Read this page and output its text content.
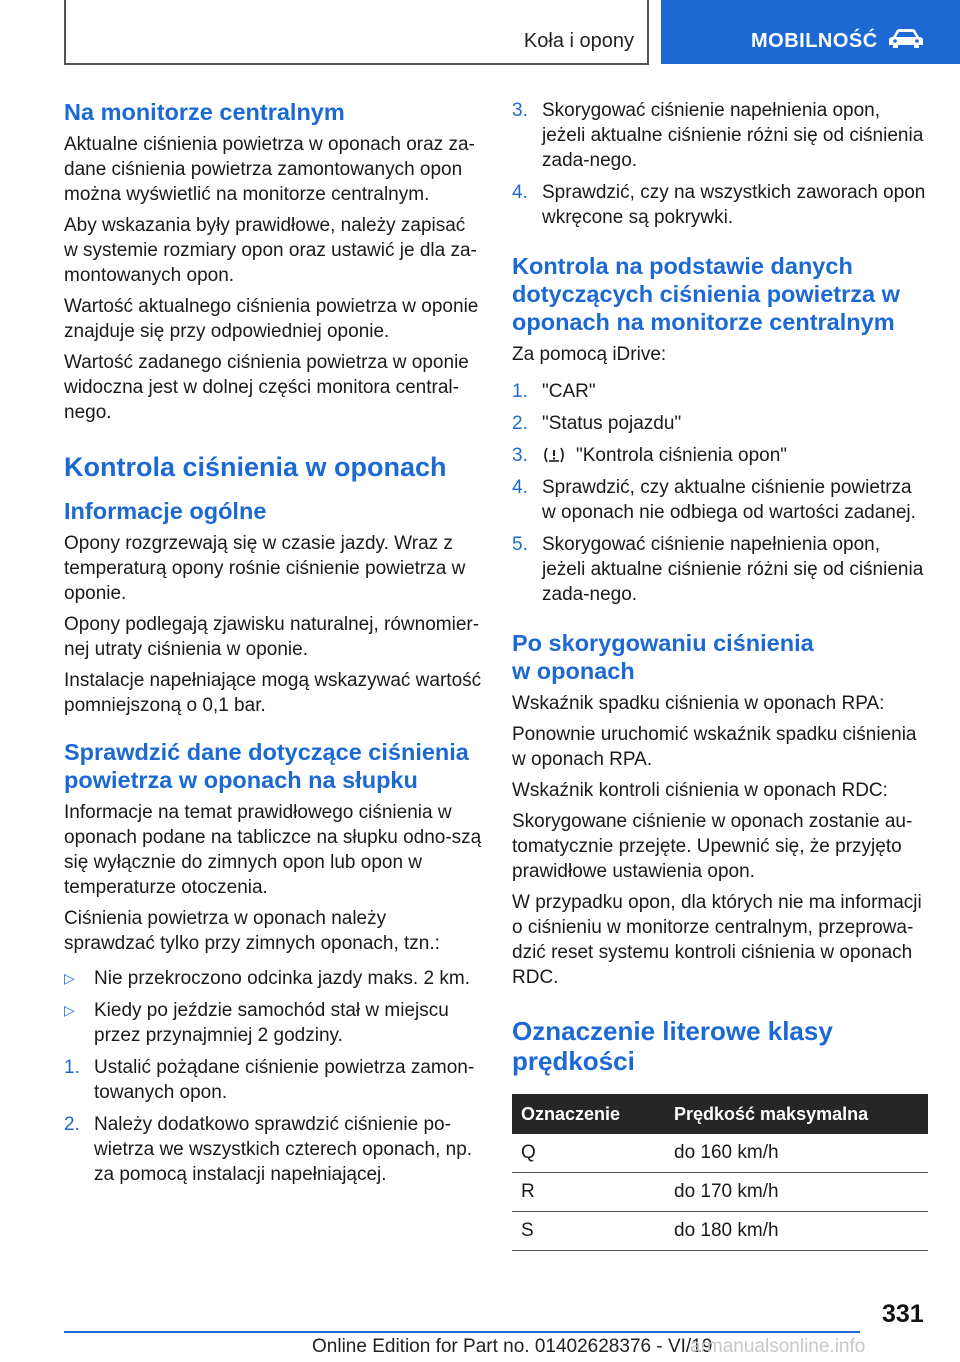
Koła i opony	MOBILNOŚĆ
Na monitorze centralnym

Aktualne ciśnienia powietrza w oponach oraz za-dane ciśnienia powietrza zamontowanych opon można wyświetlić na monitorze centralnym.

Aby wskazania były prawidłowe, należy zapisać w systemie rozmiary opon oraz ustawić je dla za-montowanych opon.

Wartość aktualnego ciśnienia powietrza w oponie znajduje się przy odpowiedniej oponie.

Wartość zadanego ciśnienia powietrza w oponie widoczna jest w dolnej części monitora central-nego.

Kontrola ciśnienia w oponach
Informacje ogólne

Opony rozgrzewają się w czasie jazdy. Wraz z temperaturą opony rośnie ciśnienie powietrza w oponie.

Opony podlegają zjawisku naturalnej, równomier-nej utraty ciśnienia w oponie.

Instalacje napełniające mogą wskazywać wartość pomniejszoną o 0,1 bar.

Sprawdzić dane dotyczące ciśnienia powietrza w oponach na słupku

Informacje na temat prawidłowego ciśnienia w oponach podane na tabliczce na słupku odno-szą się wyłącznie do zimnych opon lub opon w temperaturze otoczenia.

Ciśnienia powietrza w oponach należy sprawdzać tylko przy zimnych oponach, tzn.:

▷ Nie przekroczono odcinka jazdy maks. 2 km.
▷ Kiedy po jeździe samochód stał w miejscu przez przynajmniej 2 godziny.
1. Ustalić pożądane ciśnienie powietrza zamon-towanych opon.
2. Należy dodatkowo sprawdzić ciśnienie po-wietrza we wszystkich czterech oponach, np. za pomocą instalacji napełniającej.
3. Skorygować ciśnienie napełnienia opon, jeżeli aktualne ciśnienie różni się od ciśnienia zada-nego.
4. Sprawdzić, czy na wszystkich zaworach opon wkręcone są pokrywki.
Kontrola na podstawie danych dotyczących ciśnienia powietrza w oponach na monitorze centralnym

Za pomocą iDrive:

1. "CAR"
2. "Status pojazdu"
3.	"Kontrola ciśnienia opon"
4. Sprawdzić, czy aktualne ciśnienie powietrza w oponach nie odbiega od wartości zadanej.
5. Skorygować ciśnienie napełnienia opon, jeżeli aktualne ciśnienie różni się od ciśnienia zada-nego.
Po skorygowaniu ciśnienia w oponach

Wskaźnik spadku ciśnienia w oponach RPA:

Ponownie uruchomić wskaźnik spadku ciśnienia w oponach RPA.

Wskaźnik kontroli ciśnienia w oponach RDC:

Skorygowane ciśnienie w oponach zostanie au-tomatycznie przejęte. Upewnić się, że przyjęto prawidłowe ustawienia opon.

W przypadku opon, dla których nie ma informacji o ciśnieniu w monitorze centralnym, przeprowa-dzić reset systemu kontroli ciśnienia w oponach RDC.

Oznaczenie literowe klasy prędkości
Oznaczenie	Prędkość maksymalna
Q	do 160 km/h
R	do 170 km/h
S	do 180 km/h
331
Online Edition for Part no. 01402628376 - VI/19
armanualsonline.info
